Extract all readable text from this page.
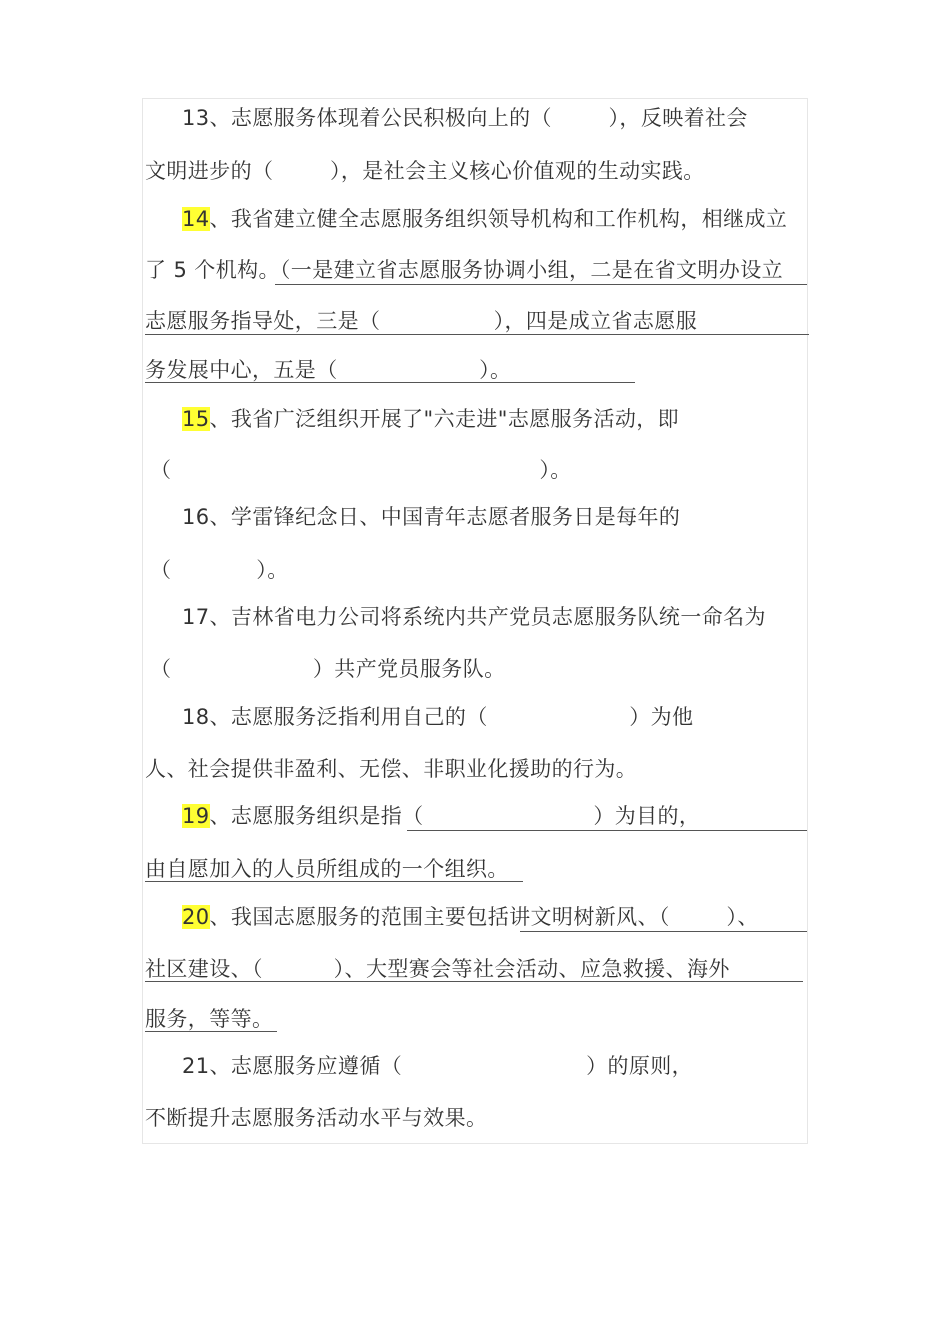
13、志愿服务体现着公民积极向上的（        ），反映着社会
文明进步的（        ），是社会主义核心价值观的生动实践。
14、我省建立健全志愿服务组织领导机构和工作机构，相继成立
了 5 个机构。（一是建立省志愿服务协调小组，二是在省文明办设立
志愿服务指导处，三是（                ），四是成立省志愿服
务发展中心，五是（                    ）。
15、我省广泛组织开展了"六走进"志愿服务活动，即
（                                                    ）。
16、学雷锋纪念日、中国青年志愿者服务日是每年的
（            ）。
17、吉林省电力公司将系统内共产党员志愿服务队统一命名为
（                    ）共产党员服务队。
18、志愿服务泛指利用自己的（                    ）为他
人、社会提供非盈利、无偿、非职业化援助的行为。
19、志愿服务组织是指（                        ）为目的，
由自愿加入的人员所组成的一个组织。
20、我国志愿服务的范围主要包括讲文明树新风、（        ）、
社区建设、（          ）、大型赛会等社会活动、应急救援、海外
服务，等等。
21、志愿服务应遵循（                          ）的原则，
不断提升志愿服务活动水平与效果。
